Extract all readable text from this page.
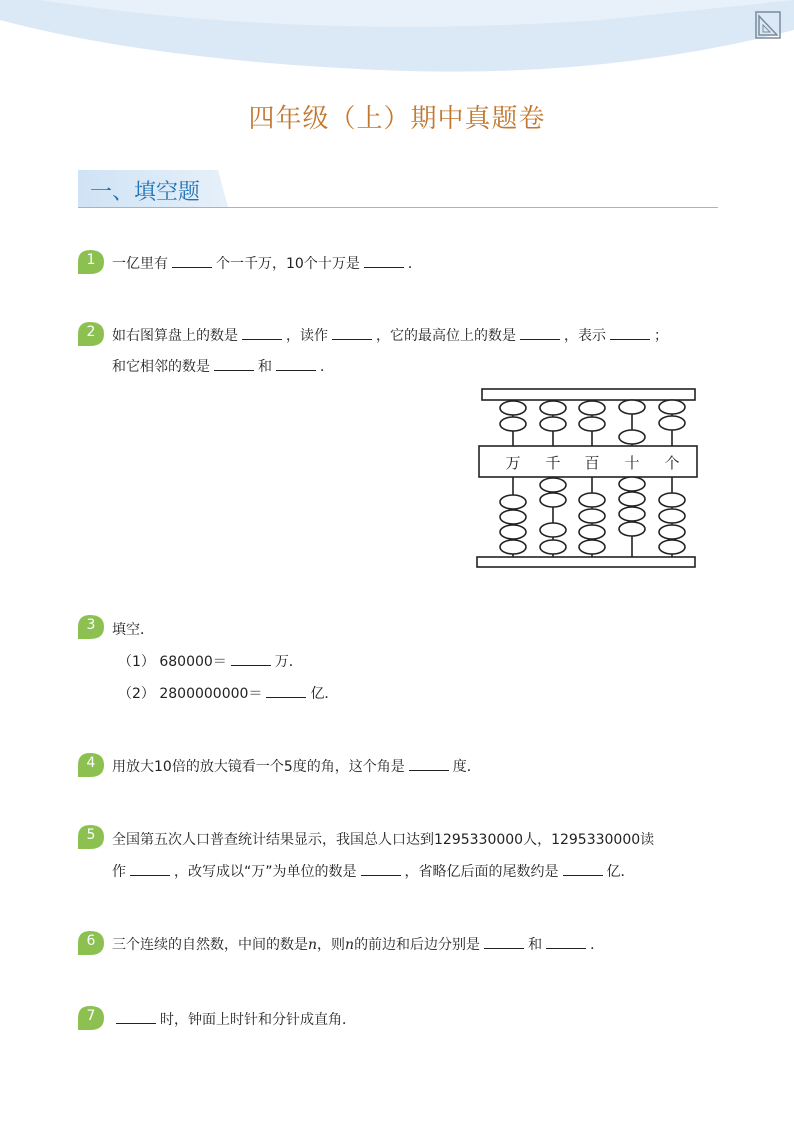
四年级（上）期中真题卷
一、填空题
1	一亿里有	个一千万，10个十万是	．
2	如右图算盘上的数是	，读作	，它的最高位上的数是	，表示	；
和它相邻的数是	和	．
万 千 百 十 个
3	填空．
（1） 680000＝	万．
（2） 2800000000＝	亿．
4	用放大10倍的放大镜看一个5度的角，这个角是	度．
5	全国第五次人口普查统计结果显示，我国总人口达到1295330000人，1295330000读
作	，改写成以“万”为单位的数是	，省略亿后面的尾数约是	亿．
6	三个连续的自然数，中间的数是n，则n的前边和后边分别是	和	．
7	时，钟面上时针和分针成直角．
